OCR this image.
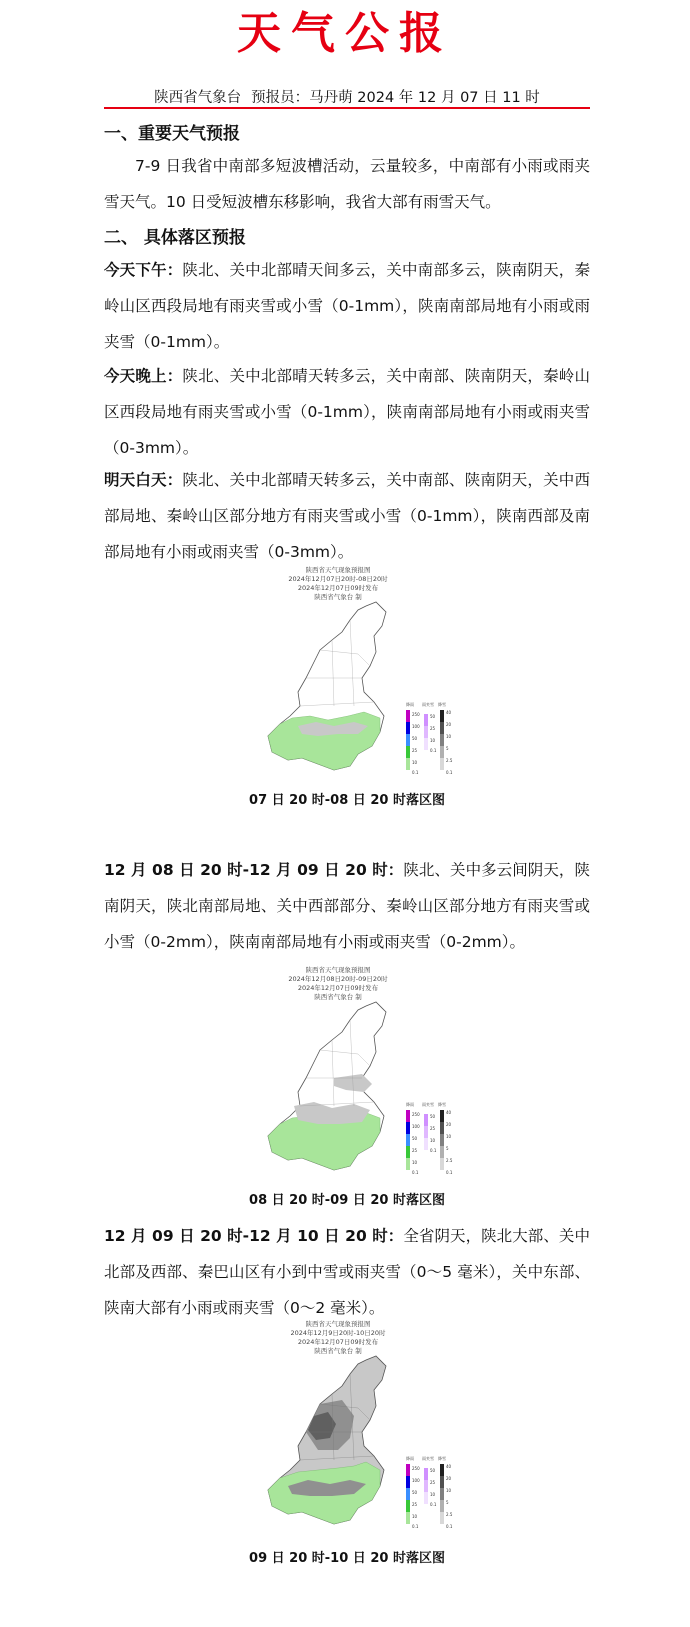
天气公报
陕西省气象台 预报员：马丹萌 2024 年 12 月 07 日 11 时
一、重要天气预报
7-9 日我省中南部多短波槽活动，云量较多，中南部有小雨或雨夹雪天气。10 日受短波槽东移影响，我省大部有雨雪天气。
二、 具体落区预报
今天下午：陕北、关中北部晴天间多云，关中南部多云，陕南阴天，秦岭山区西段局地有雨夹雪或小雪（0-1mm），陕南南部局地有小雨或雨夹雪（0-1mm）。
今天晚上：陕北、关中北部晴天转多云，关中南部、陕南阴天，秦岭山区西段局地有雨夹雪或小雪（0-1mm），陕南南部局地有小雨或雨夹雪（0-3mm）。
明天白天：陕北、关中北部晴天转多云，关中南部、陕南阴天，关中西部局地、秦岭山区部分地方有雨夹雪或小雪（0-1mm），陕南西部及南部局地有小雨或雨夹雪（0-3mm）。
陕西省天气现象预报图
2024年12月07日20时-08日20时
2024年12月07日09时发布
陕西省气象台 制
降雨 雨夹雪 降雪
250
100
50
25
10
0.1
50
25
10
0.1
40
20
10
5
2.5
0.1
07 日 20 时-08 日 20 时落区图
12 月 08 日 20 时-12 月 09 日 20 时：陕北、关中多云间阴天，陕南阴天，陕北南部局地、关中西部部分、秦岭山区部分地方有雨夹雪或小雪（0-2mm），陕南南部局地有小雨或雨夹雪（0-2mm）。
陕西省天气现象预报图
2024年12月08日20时-09日20时
2024年12月07日09时发布
陕西省气象台 制
降雨 雨夹雪 降雪
250
100
50
25
10
0.1
50
25
10
0.1
40
20
10
5
2.5
0.1
08 日 20 时-09 日 20 时落区图
12 月 09 日 20 时-12 月 10 日 20 时：全省阴天，陕北大部、关中北部及西部、秦巴山区有小到中雪或雨夹雪（0～5 毫米），关中东部、陕南大部有小雨或雨夹雪（0～2 毫米）。
陕西省天气现象预报图
2024年12月9日20时-10日20时
2024年12月07日09时发布
陕西省气象台 制
降雨 雨夹雪 降雪
250
100
50
25
10
0.1
50
25
10
0.1
40
20
10
5
2.5
0.1
09 日 20 时-10 日 20 时落区图
